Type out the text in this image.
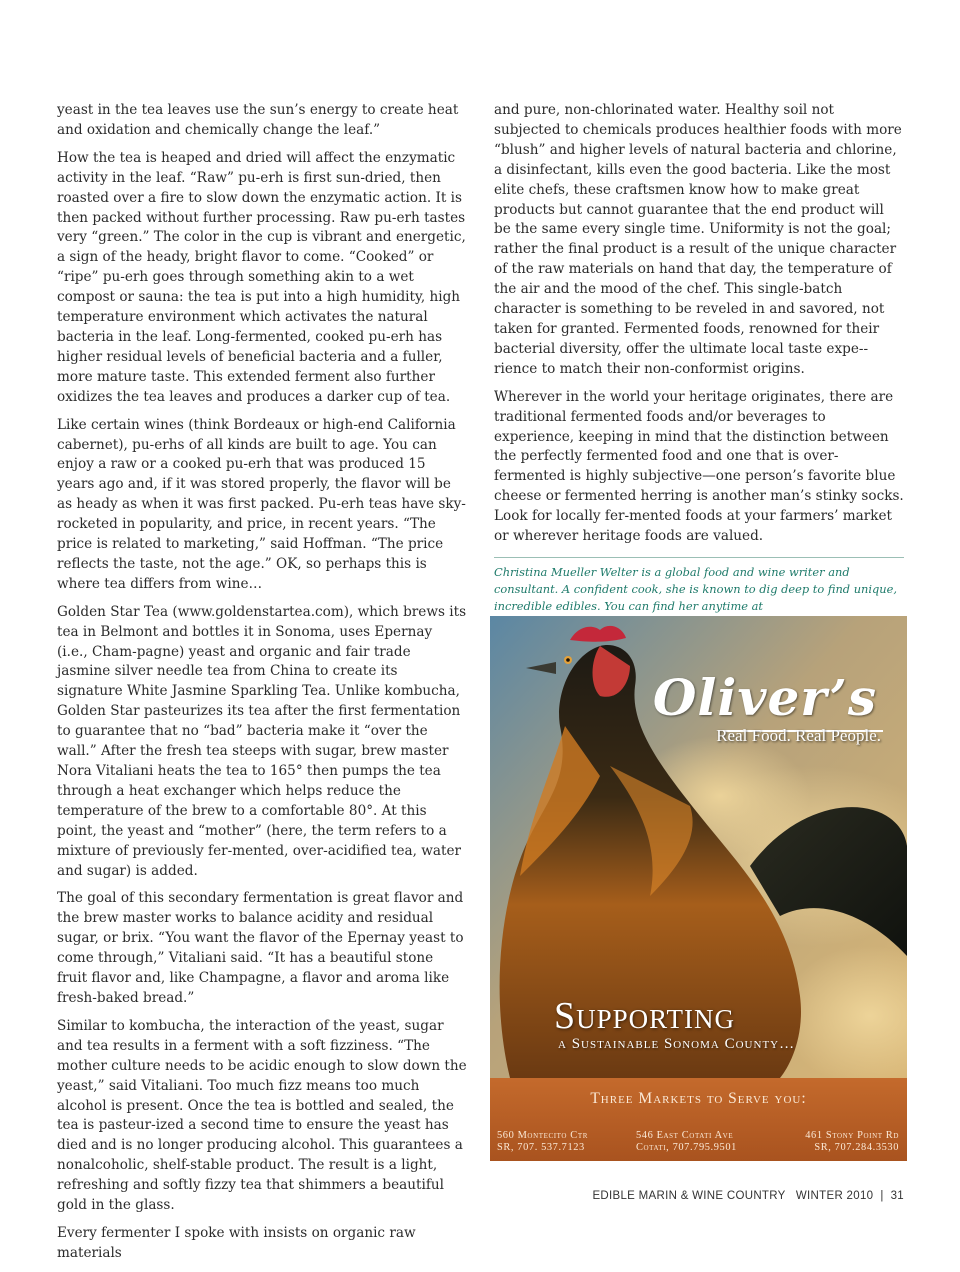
yeast in the tea leaves use the sun’s energy to create heat and oxidation and chemically change the leaf.”

How the tea is heaped and dried will affect the enzymatic activity in the leaf. “Raw” pu-erh is first sun-dried, then roasted over a fire to slow down the enzymatic action. It is then packed without further processing. Raw pu-erh tastes very “green.” The color in the cup is vibrant and energetic, a sign of the heady, bright flavor to come. “Cooked” or “ripe” pu-erh goes through something akin to a wet compost or sauna: the tea is put into a high humidity, high temperature environment which activates the natural bacteria in the leaf. Long-fermented, cooked pu-erh has higher residual levels of beneficial bacteria and a fuller, more mature taste. This extended ferment also further oxidizes the tea leaves and produces a darker cup of tea.

Like certain wines (think Bordeaux or high-end California cabernet), pu-erhs of all kinds are built to age. You can enjoy a raw or a cooked pu-erh that was produced 15 years ago and, if it was stored properly, the flavor will be as heady as when it was first packed. Pu-erh teas have sky-rocketed in popularity, and price, in recent years. “The price is related to marketing,” said Hoffman. “The price reflects the taste, not the age.” OK, so perhaps this is where tea differs from wine…

Golden Star Tea (www.goldenstartea.com), which brews its tea in Belmont and bottles it in Sonoma, uses Epernay (i.e., Cham-pagne) yeast and organic and fair trade jasmine silver needle tea from China to create its signature White Jasmine Sparkling Tea. Unlike kombucha, Golden Star pasteurizes its tea after the first fermentation to guarantee that no “bad” bacteria make it “over the wall.” After the fresh tea steeps with sugar, brew master Nora Vitaliani heats the tea to 165° then pumps the tea through a heat exchanger which helps reduce the temperature of the brew to a comfortable 80°. At this point, the yeast and “mother” (here, the term refers to a mixture of previously fer-mented, over-acidified tea, water and sugar) is added.

The goal of this secondary fermentation is great flavor and the brew master works to balance acidity and residual sugar, or brix. “You want the flavor of the Epernay yeast to come through,” Vitaliani said. “It has a beautiful stone fruit flavor and, like Champagne, a flavor and aroma like fresh-baked bread.”

Similar to kombucha, the interaction of the yeast, sugar and tea results in a ferment with a soft fizziness. “The mother culture needs to be acidic enough to slow down the yeast,” said Vitaliani. Too much fizz means too much alcohol is present. Once the tea is bottled and sealed, the tea is pasteur-ized a second time to ensure the yeast has died and is no longer producing alcohol. This guarantees a nonalcoholic, shelf-stable product. The result is a light, refreshing and softly fizzy tea that shimmers a beautiful gold in the glass.

Every fermenter I spoke with insists on organic raw materials

and pure, non-chlorinated water. Healthy soil not subjected to chemicals produces healthier foods with more “blush” and higher levels of natural bacteria and chlorine, a disinfectant, kills even the good bacteria. Like the most elite chefs, these craftsmen know how to make great products but cannot guarantee that the end product will be the same every single time. Uniformity is not the goal; rather the final product is a result of the unique character of the raw materials on hand that day, the temperature of the air and the mood of the chef. This single-batch character is something to be reveled in and savored, not taken for granted. Fermented foods, renowned for their bacterial diversity, offer the ultimate local taste expe-rience to match their non-conformist origins.

Wherever in the world your heritage originates, there are traditional fermented foods and/or beverages to experience, keeping in mind that the distinction between the perfectly fermented food and one that is over-fermented is highly subjective—one person’s favorite blue cheese or fermented herring is another man’s stinky socks. Look for locally fer-mented foods at your farmers’ market or wherever heritage foods are valued.

Christina Mueller Welter is a global food and wine writer and consultant. A confident cook, she is known to dig deep to find unique, incredible edibles. You can find her anytime at

Oliver’s
Real Food. Real People.
Supporting
a Sustainable Sonoma County…
Three Markets to Serve you:
560 Montecito Ctr
SR, 707. 537.7123
546 East Cotati Ave
Cotati, 707.795.9501
461 Stony Point Rd
SR, 707.284.3530
EDIBLE MARIN & WINE COUNTRY   WINTER 2010  |  31
